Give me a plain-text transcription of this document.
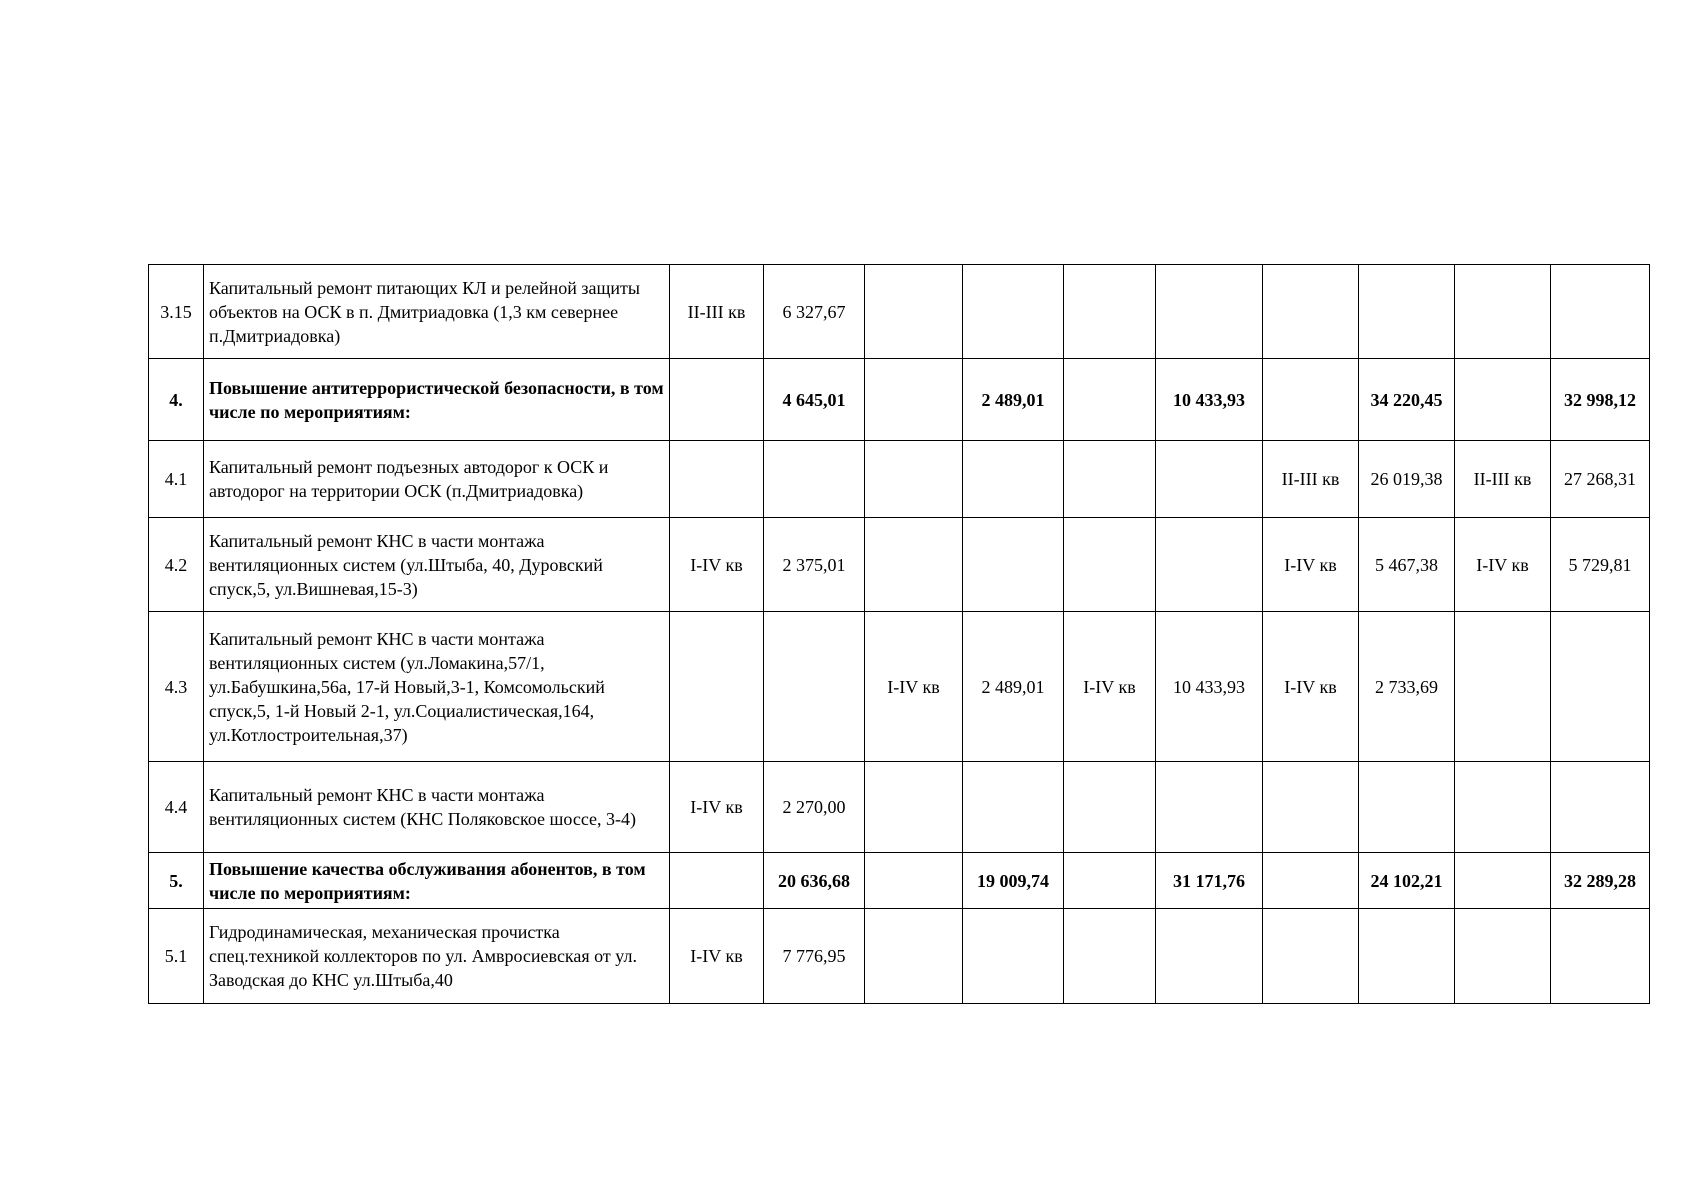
3.15	Капитальный ремонт питающих КЛ и релейной защиты объектов на ОСК в п. Дмитриадовка (1,3 км севернее п.Дмитриадовка)	II-III кв	6 327,67								
4.	Повышение антитеррористической безопасности, в том числе по мероприятиям:		4 645,01		2 489,01		10 433,93		34 220,45		32 998,12
4.1	Капитальный ремонт подъезных автодорог к ОСК и автодорог на территории ОСК (п.Дмитриадовка)							II-III кв	26 019,38	II-III кв	27 268,31
4.2	Капитальный ремонт КНС в части монтажа вентиляционных систем (ул.Штыба, 40, Дуровский спуск,5, ул.Вишневая,15-3)	I-IV кв	2 375,01					I-IV кв	5 467,38	I-IV кв	5 729,81
4.3	Капитальный ремонт КНС в части монтажа вентиляционных систем (ул.Ломакина,57/1, ул.Бабушкина,56а, 17-й Новый,3-1, Комсомольский спуск,5, 1-й Новый 2-1, ул.Социалистическая,164, ул.Котлостроительная,37)			I-IV кв	2 489,01	I-IV кв	10 433,93	I-IV кв	2 733,69		
4.4	Капитальный ремонт КНС в части монтажа вентиляционных систем (КНС Поляковское шоссе, 3-4)	I-IV кв	2 270,00								
5.	Повышение качества обслуживания абонентов, в том числе по мероприятиям:		20 636,68		19 009,74		31 171,76		24 102,21		32 289,28
5.1	Гидродинамическая, механическая прочистка спец.техникой коллекторов по ул. Амвросиевская от ул. Заводская до КНС ул.Штыба,40	I-IV кв	7 776,95								
